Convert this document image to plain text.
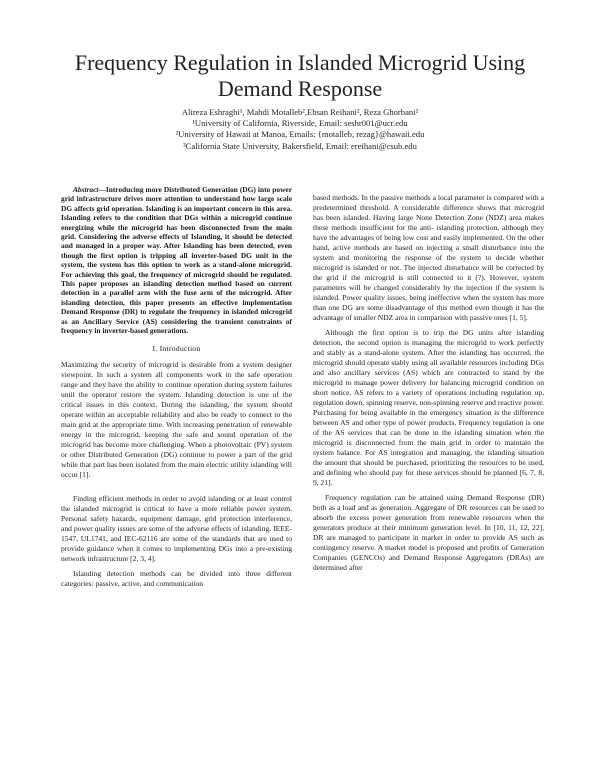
Frequency Regulation in Islanded Microgrid Using Demand Response
Alireza Eshraghi¹, Mahdi Motalleb²,Ehsan Reihani², Reza Ghorbani²
¹University of California, Riverside, Email: seshr001@ucr.edu
²University of Hawaii at Manoa, Emails: {motalleb, rezag}@hawaii.edu
³California State University, Bakersfield, Email: ereihani@csub.edu

Abstract—Introducing more Distributed Generation (DG) into power grid infrastructure drives more attention to understand how large scale DG affects grid operation. Islanding is an important concern in this area. Islanding refers to the condition that DGs within a microgrid continue energizing while the microgrid has been disconnected from the main grid. Considering the adverse effects of Islanding, it should be detected and managed in a proper way. After Islanding has been detected, even though the first option is tripping all inverter-based DG unit in the system, the system has this option to work as a stand-alone microgrid. For achieving this goal, the frequency of microgrid should be regulated. This paper proposes an islanding detection method based on current detection in a parallel arm with the fuse arm of the microgrid. After islanding detection, this paper presents an effective implementation Demand Response (DR) to regulate the frequency in islanded microgrid as an Ancillary Service (AS) considering the transient constraints of frequency in inverter-based generations.

I. Introduction

Maximizing the security of microgrid is desirable from a system designer viewpoint. In such a system all components work in the safe operation range and they have the ability to continue operation during system failures until the operator restore the system. Islanding detection is one of the critical issues in this context. During the islanding, the system should operate within an acceptable reliability and also be ready to connect to the main grid at the appropriate time. With increasing penetration of renewable energy in the microgrid, keeping the safe and sound operation of the microgrid has become more challenging. When a photovoltaic (PV) system or other Distributed Generation (DG) continue to power a part of the grid while that part has been isolated from the main electric utility islanding will occur [1].

Finding efficient methods in order to avoid islanding or at least control the islanded microgrid is critical to have a more reliable power system. Personal safety hazards, equipment damage, grid protection interference, and power quality issues are some of the adverse effects of islanding. IEEE-1547, UL1741, and IEC-62116 are some of the standards that are used to provide guidance when it comes to implementing DGs into a pre-existing network infrastructure [2, 3, 4].

Islanding detection methods can be divided into three different categories: passive, active, and communication

based methods. In the passive methods a local parameter is compared with a predetermined threshold. A considerable difference shows that microgrid has been islanded. Having large None Detection Zone (NDZ) area makes these methods insufficient for the anti- islanding protection, although they have the advantages of being low cost and easily implemented. On the other hand, active methods are based on injecting a small disturbance into the system and monitoring the response of the system to decide whether microgrid is islanded or not. The injected disturbance will be corrected by the grid if the microgrid is still connected to it (?). However, system parameters will be changed considerably by the injection if the system is islanded. Power quality issues, being ineffective when the system has more than one DG are some disadvantage of this method even though it has the advantage of smaller NDZ area in comparison with passive ones [1, 5].

Although the first option is to trip the DG units after islanding detection, the second option is managing the microgrid to work perfectly and stably as a stand-alone system. After the islanding has occurred, the microgrid should operate stably using all available resources including DGs and also ancillary services (AS) which are contracted to stand by the microgrid to manage power delivery for balancing microgrid condition on short notice. AS refers to a variety of operations including regulation up, regulation down, spinning reserve, non-spinning reserve and reactive power. Purchasing for being available in the emergency situation is the difference between AS and other type of power products. Frequency regulation is one of the AS services that can be done in the islanding situation when the microgrid is disconnected from the main grid in order to maintain the system balance. For AS integration and managing, the islanding situation the amount that should be purchased, prioritizing the resources to be used, and defining who should pay for these services should be planned [6, 7, 8, 9, 21].

Frequency regulation can be attained using Demand Response (DR) both as a load and as generation. Aggregate of DR resources can be used to absorb the excess power generation from renewable resources when the generators produce at their minimum generation level. In [10, 11, 12, 22], DR are managed to participate in market in order to provide AS such as contingency reserve. A market model is proposed and profits of Generation Companies (GENCOs) and Demand Response Aggregators (DRAs) are determined after
